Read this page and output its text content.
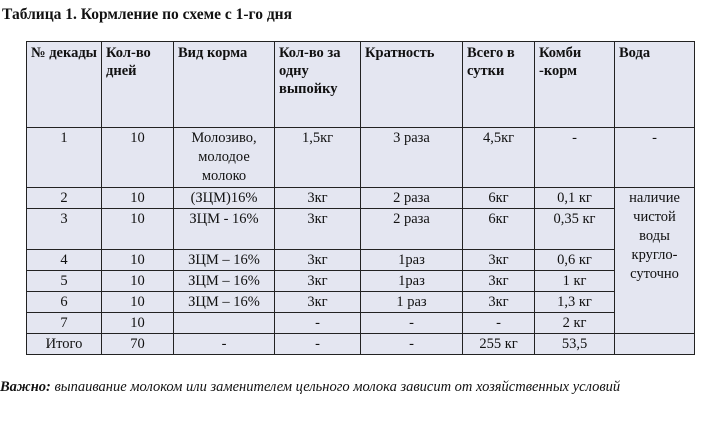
Таблица 1. Кормление по схеме с 1-го дня
№ декады	Кол-во дней	Вид корма	Кол-во за одну выпойку	Кратность	Всего в сутки	Комби -корм	Вода
1	10	Молозиво, молодое молоко	1,5кг	3 раза	4,5кг	-	-
2	10	(ЗЦМ)16%	3кг	2 раза	6кг	0,1 кг	наличие чистой воды кругло-суточно
3	10	ЗЦМ - 16%	3кг	2 раза	6кг	0,35 кг	
4	10	ЗЦМ – 16%	3кг	1раз	3кг	0,6 кг	
5	10	ЗЦМ – 16%	3кг	1раз	3кг	1 кг	
6	10	ЗЦМ – 16%	3кг	1 раз	3кг	1,3 кг	
7	10		-	-	-	2 кг	
Итого	70	-	-	-	255 кг	53,5	
Важно: выпаивание молоком или заменителем цельного молока зависит от хозяйственных условий
